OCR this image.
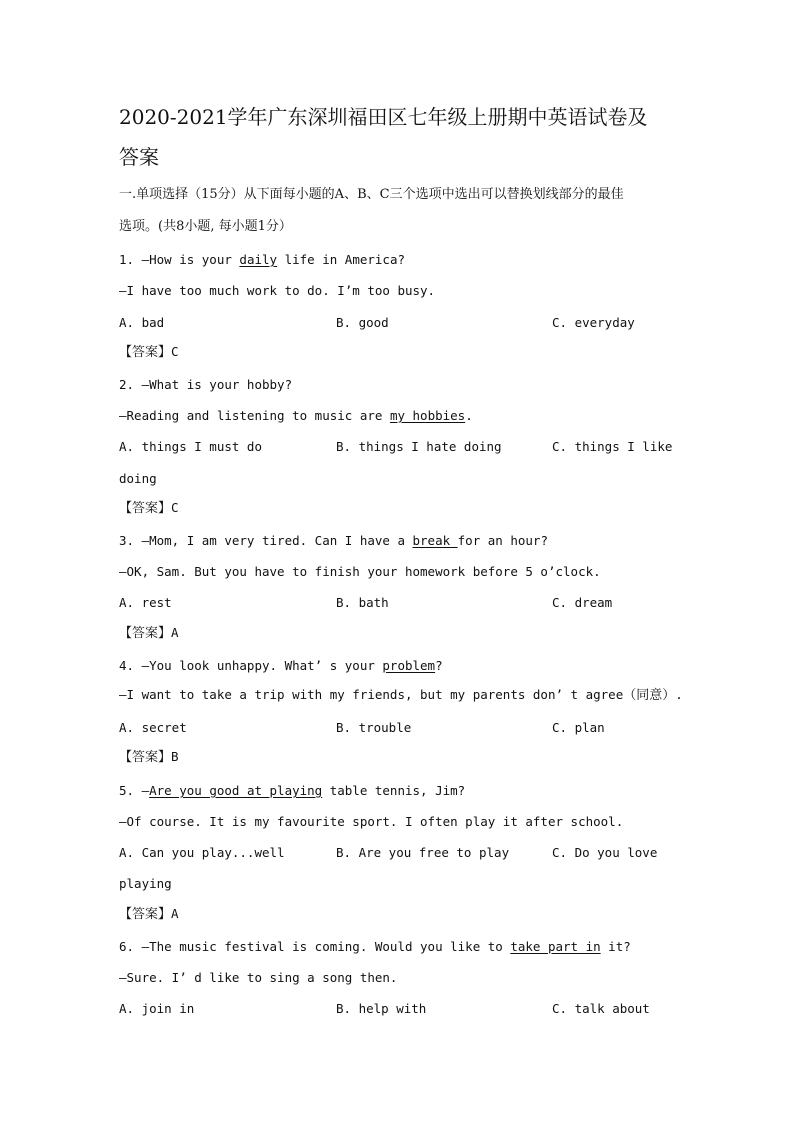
2020-2021学年广东深圳福田区七年级上册期中英语试卷及
答案
一.单项选择（15分）从下面每小题的A、B、C三个选项中选出可以替换划线部分的最佳
选项。(共8小题, 每小题1分）
1. —How is your daily life in America?
—I have too much work to do. I’m too busy.
A. bad	B. good	C. everyday
【答案】C
2. —What is your hobby?
—Reading and listening to music are my hobbies.
A. things I must do	B. things I hate doing	C. things I like
doing
【答案】C
3. —Mom, I am very tired. Can I have a break for an hour?
—OK, Sam. But you have to finish your homework before 5 o’clock.
A. rest	B. bath	C. dream
【答案】A
4. —You look unhappy. What’ s your problem?
—I want to take a trip with my friends, but my parents don’ t agree（同意）.
A. secret	B. trouble	C. plan
【答案】B
5. —Are you good at playing table tennis, Jim?
—Of course. It is my favourite sport. I often play it after school.
A. Can you play...well	B. Are you free to play	C. Do you love
playing
【答案】A
6. —The music festival is coming. Would you like to take part in it?
—Sure. I’ d like to sing a song then.
A. join in	B. help with	C. talk about
